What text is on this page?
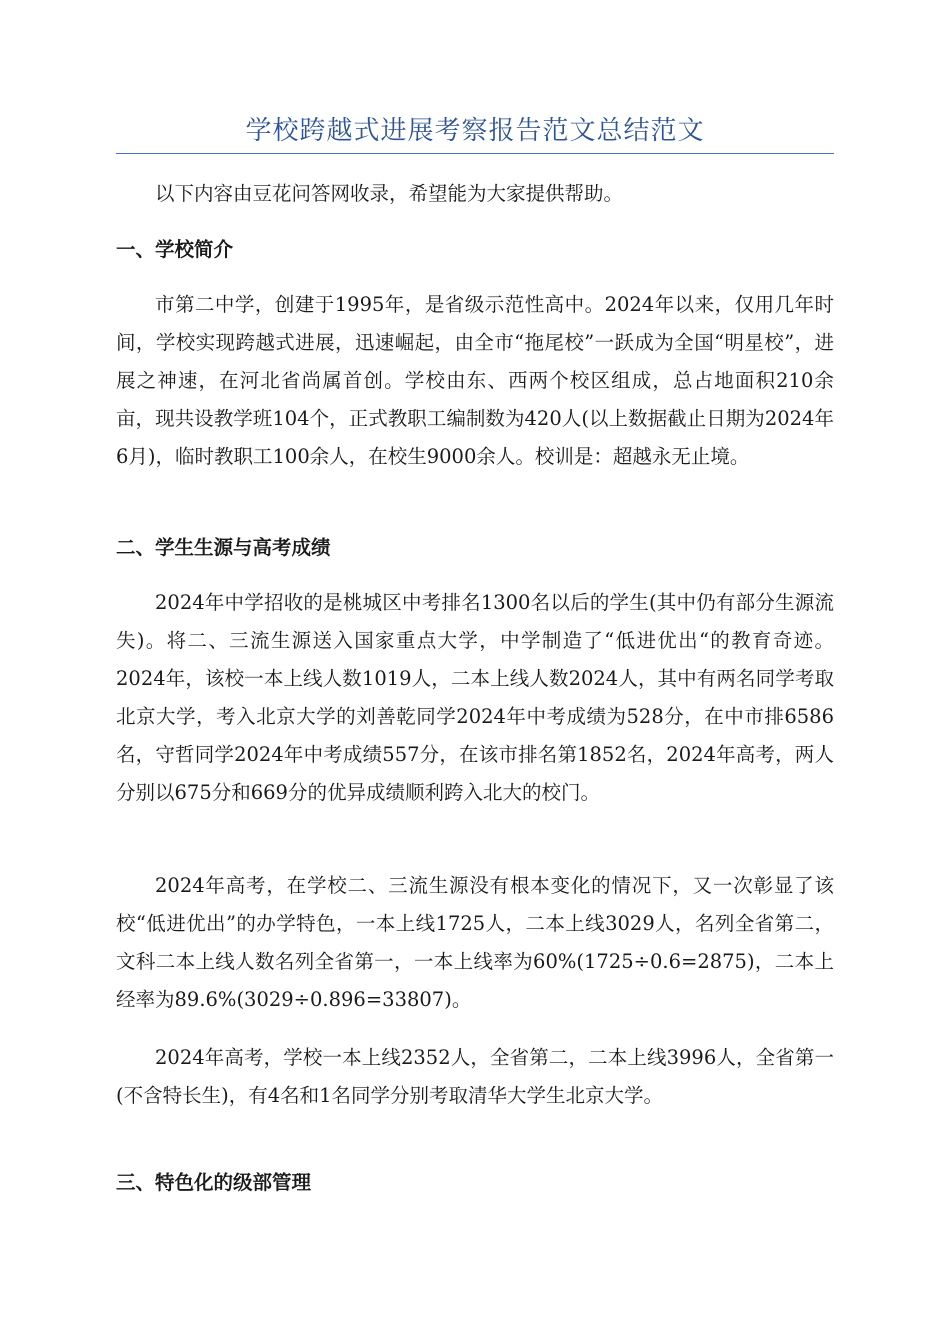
学校跨越式进展考察报告范文总结范文

以下内容由豆花问答网收录，希望能为大家提供帮助。

一、学校简介

市第二中学，创建于1995年，是省级示范性高中。2024年以来，仅用几年时间，学校实现跨越式进展，迅速崛起，由全市“拖尾校”一跃成为全国“明星校”，进展之神速，在河北省尚属首创。学校由东、西两个校区组成，总占地面积210余亩，现共设教学班104个，正式教职工编制数为420人(以上数据截止日期为2024年6月)，临时教职工100余人，在校生9000余人。校训是：超越永无止境。

二、学生生源与高考成绩

2024年中学招收的是桃城区中考排名1300名以后的学生(其中仍有部分生源流失)。将二、三流生源送入国家重点大学，中学制造了“低进优出“的教育奇迹。2024年，该校一本上线人数1019人，二本上线人数2024人，其中有两名同学考取北京大学，考入北京大学的刘善乾同学2024年中考成绩为528分，在中市排6586名，守哲同学2024年中考成绩557分，在该市排名第1852名，2024年高考，两人分别以675分和669分的优异成绩顺利跨入北大的校门。

2024年高考，在学校二、三流生源没有根本变化的情况下，又一次彰显了该校“低进优出”的办学特色，一本上线1725人，二本上线3029人，名列全省第二，文科二本上线人数名列全省第一，一本上线率为60%(1725÷0.6=2875)，二本上经率为89.6%(3029÷0.896=33807)。

2024年高考，学校一本上线2352人，全省第二，二本上线3996人，全省第一(不含特长生)，有4名和1名同学分别考取清华大学生北京大学。

三、特色化的级部管理
